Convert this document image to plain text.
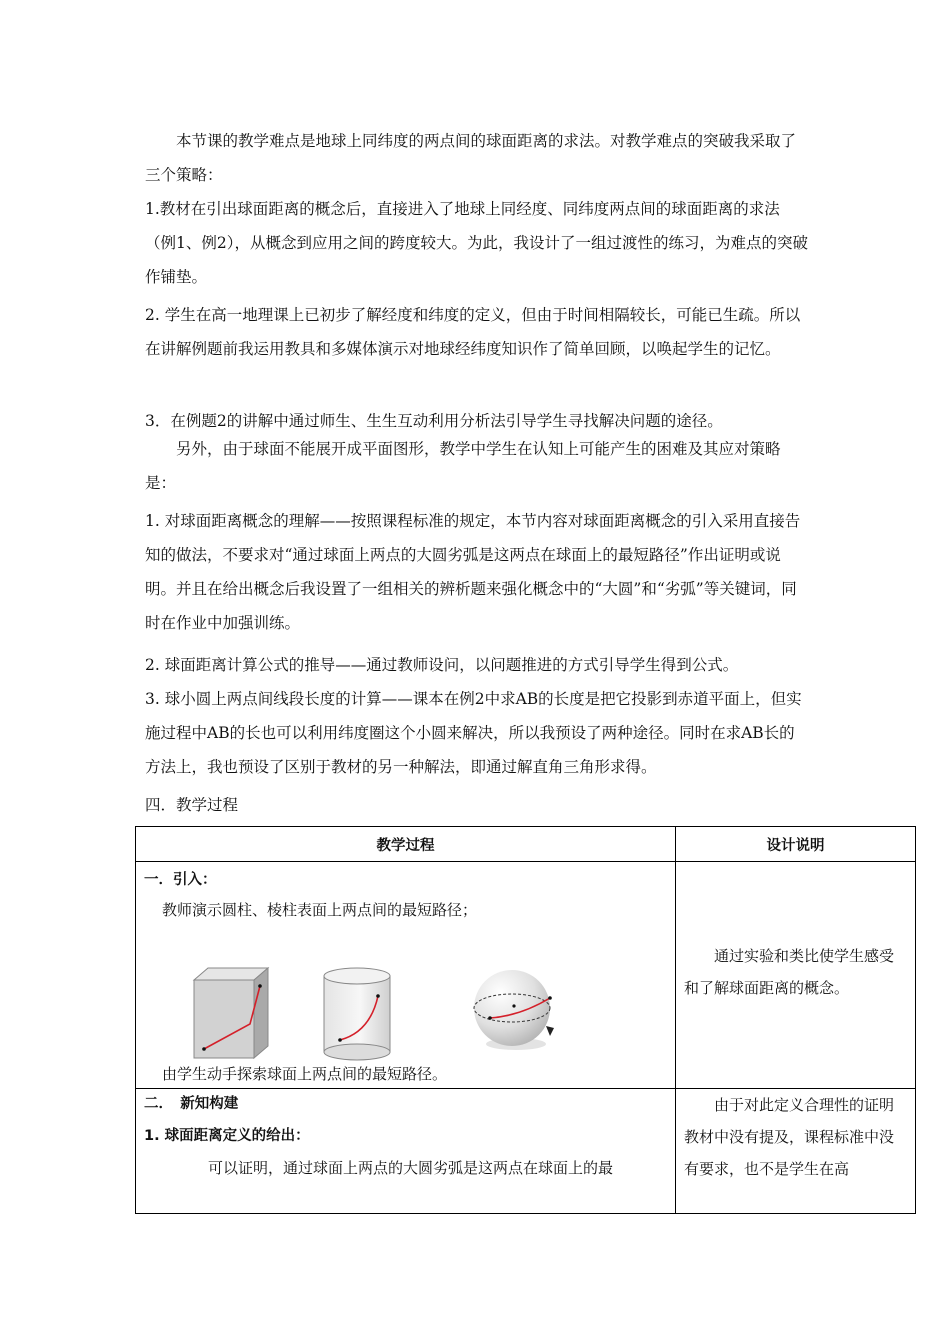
本节课的教学难点是地球上同纬度的两点间的球面距离的求法。对教学难点的突破我采取了三个策略：

1.教材在引出球面距离的概念后，直接进入了地球上同经度、同纬度两点间的球面距离的求法（例1、例2），从概念到应用之间的跨度较大。为此，我设计了一组过渡性的练习，为难点的突破作铺垫。

2. 学生在高一地理课上已初步了解经度和纬度的定义，但由于时间相隔较长，可能已生疏。所以在讲解例题前我运用教具和多媒体演示对地球经纬度知识作了简单回顾，以唤起学生的记忆。

3．在例题2的讲解中通过师生、生生互动利用分析法引导学生寻找解决问题的途径。

另外，由于球面不能展开成平面图形，教学中学生在认知上可能产生的困难及其应对策略是：

1. 对球面距离概念的理解——按照课程标准的规定，本节内容对球面距离概念的引入采用直接告知的做法，不要求对“通过球面上两点的大圆劣弧是这两点在球面上的最短路径”作出证明或说明。并且在给出概念后我设置了一组相关的辨析题来强化概念中的“大圆”和“劣弧”等关键词，同时在作业中加强训练。

2. 球面距离计算公式的推导——通过教师设问，以问题推进的方式引导学生得到公式。

3. 球小圆上两点间线段长度的计算——课本在例2中求AB的长度是把它投影到赤道平面上，但实施过程中AB的长也可以利用纬度圈这个小圆来解决，所以我预设了两种途径。同时在求AB长的方法上，我也预设了区别于教材的另一种解法，即通过解直角三角形求得。

四．教学过程
教学过程	设计说明

一．引入：
教师演示圆柱、棱柱表面上两点间的最短路径；
由学生动手探索球面上两点间的最短路径。	通过实验和类比使学生感受和了解球面距离的概念。

二．　新知构建
1. 球面距离定义的给出：
可以证明，通过球面上两点的大圆劣弧是这两点在球面上的最	由于对此定义合理性的证明教材中没有提及，课程标准中没有要求，也不是学生在高
